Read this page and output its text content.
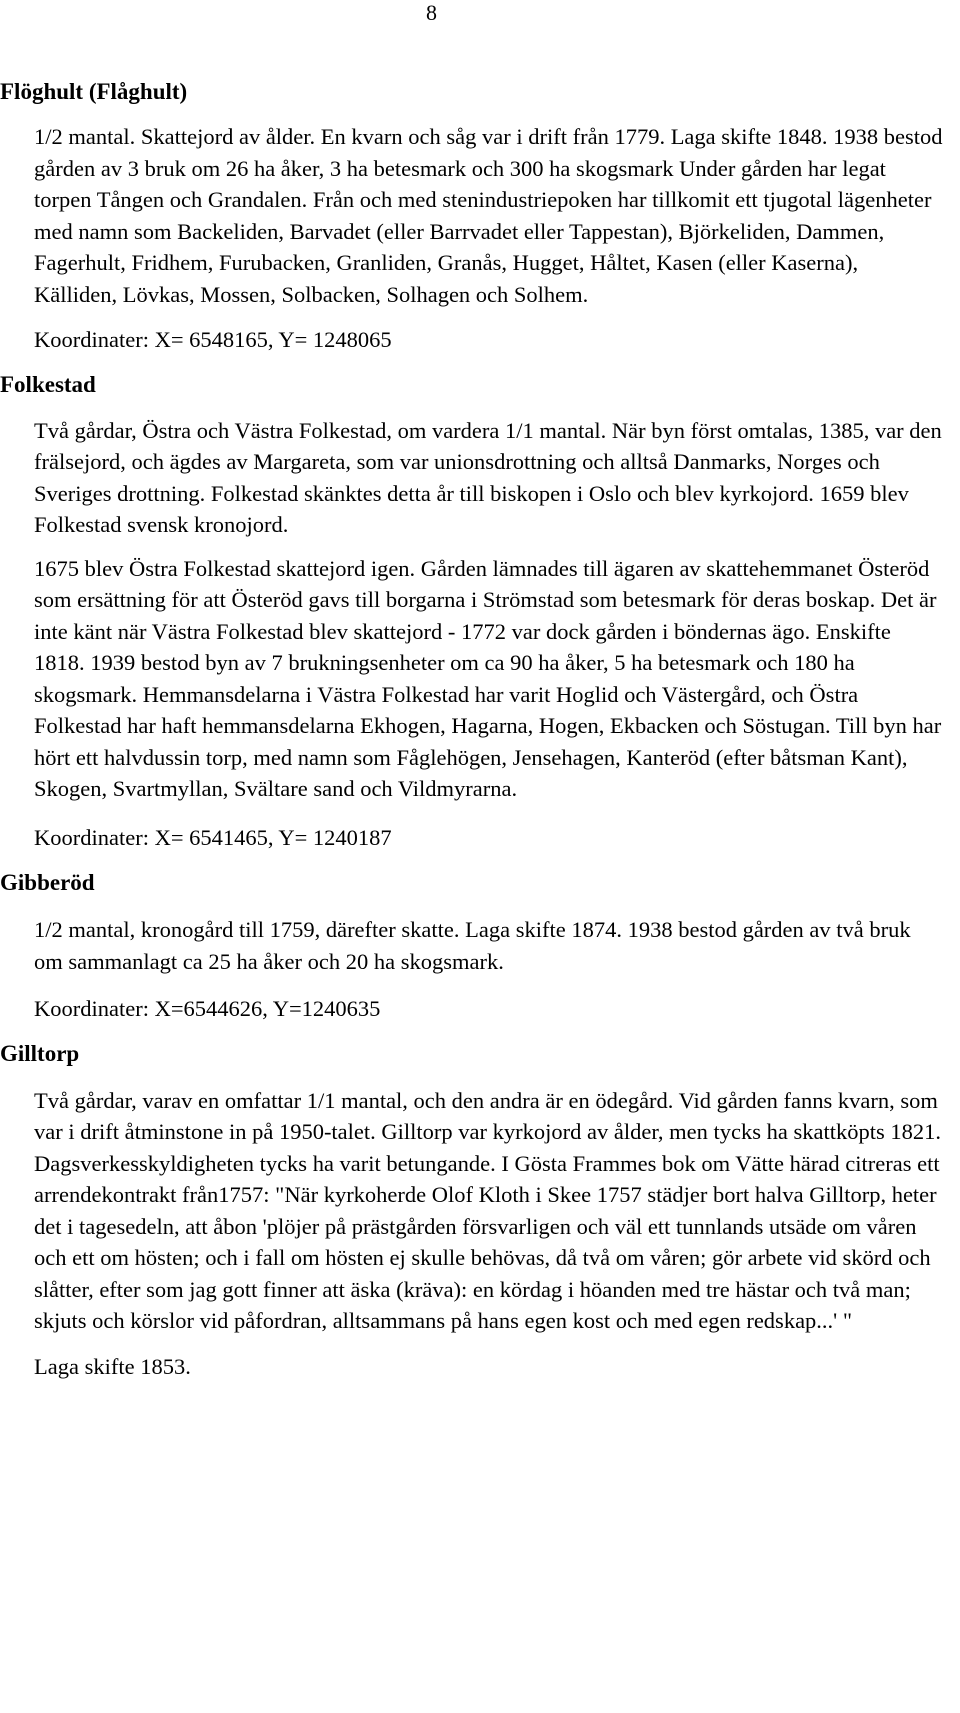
8
Flöghult (Flåghult)

1/2 mantal. Skattejord av ålder. En kvarn och såg var i drift från 1779. Laga skifte 1848. 1938 bestod gården av 3 bruk om 26 ha åker, 3 ha betesmark och 300 ha skogsmark Under gården har legat torpen Tången och Grandalen. Från och med stenindustriepoken har tillkomit ett tjugotal lägenheter med namn som Backeliden, Barvadet (eller Barrvadet eller Tappestan), Björkeliden, Dammen, Fagerhult, Fridhem, Furubacken, Granliden, Granås, Hugget, Håltet, Kasen (eller Kaserna), Källiden, Lövkas, Mossen, Solbacken, Solhagen och Solhem.

Koordinater: X= 6548165, Y= 1248065

Folkestad

Två gårdar, Östra och Västra Folkestad, om vardera 1/1 mantal. När byn först omtalas, 1385, var den frälsejord, och ägdes av Margareta, som var unionsdrottning och alltså Danmarks, Norges och Sveriges drottning. Folkestad skänktes detta år till biskopen i Oslo och blev kyrkojord. 1659 blev Folkestad svensk kronojord.

1675 blev Östra Folkestad skattejord igen. Gården lämnades till ägaren av skattehemmanet Österöd som ersättning för att Österöd gavs till borgarna i Strömstad som betesmark för deras boskap. Det är inte känt när Västra Folkestad blev skattejord - 1772 var dock gården i böndernas ägo. Enskifte 1818. 1939 bestod byn av 7 brukningsenheter om ca 90 ha åker, 5 ha betesmark och 180 ha skogsmark. Hemmansdelarna i Västra Folkestad har varit Hoglid och Västergård, och Östra Folkestad har haft hemmansdelarna Ekhogen, Hagarna, Hogen, Ekbacken och Söstugan. Till byn har hört ett halvdussin torp, med namn som Fåglehögen, Jensehagen, Kanteröd (efter båtsman Kant), Skogen, Svartmyllan, Svältare sand och Vildmyrarna.

Koordinater: X= 6541465, Y= 1240187

Gibberöd

1/2 mantal, kronogård till 1759, därefter skatte. Laga skifte 1874. 1938 bestod gården av två bruk om sammanlagt ca 25 ha åker och 20 ha skogsmark.

Koordinater: X=6544626, Y=1240635

Gilltorp

Två gårdar, varav en omfattar 1/1 mantal, och den andra är en ödegård. Vid gården fanns kvarn, som var i drift åtminstone in på 1950-talet. Gilltorp var kyrkojord av ålder, men tycks ha skattköpts 1821. Dagsverkesskyldigheten tycks ha varit betungande. I Gösta Frammes bok om Vätte härad citreras ett arrendekontrakt från1757: "När kyrkoherde Olof Kloth i Skee 1757 städjer bort halva Gilltorp, heter det i tagesedeln, att åbon 'plöjer på prästgården försvarligen och väl ett tunnlands utsäde om våren och ett om hösten; och i fall om hösten ej skulle behövas, då två om våren; gör arbete vid skörd och slåtter, efter som jag gott finner att äska (kräva): en kördag i höanden med tre hästar och två man; skjuts och körslor vid påfordran, alltsammans på hans egen kost och med egen redskap...' "

Laga skifte 1853.
